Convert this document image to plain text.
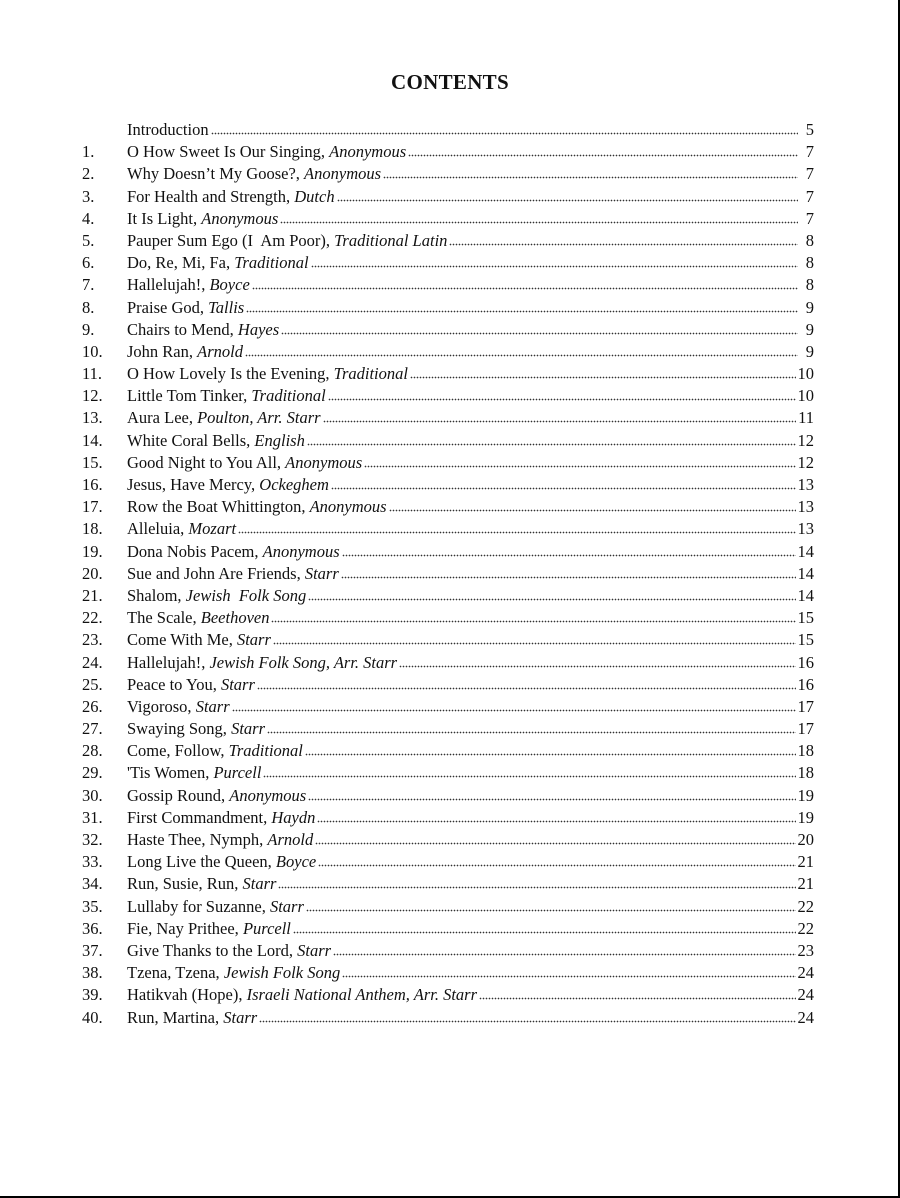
CONTENTS
Introduction	5
1.	O How Sweet Is Our Singing, Anonymous	7
2.	Why Doesn’t My Goose?, Anonymous	7
3.	For Health and Strength, Dutch	7
4.	It Is Light, Anonymous	7
5.	Pauper Sum Ego (I  Am Poor), Traditional Latin	8
6.	Do, Re, Mi, Fa, Traditional	8
7.	Hallelujah!, Boyce	8
8.	Praise God, Tallis	9
9.	Chairs to Mend, Hayes	9
10.	John Ran, Arnold	9
11.	O How Lovely Is the Evening, Traditional	10
12.	Little Tom Tinker, Traditional	10
13.	Aura Lee, Poulton, Arr. Starr	11
14.	White Coral Bells, English	12
15.	Good Night to You All, Anonymous	12
16.	Jesus, Have Mercy, Ockeghem	13
17.	Row the Boat Whittington, Anonymous	13
18.	Alleluia, Mozart	13
19.	Dona Nobis Pacem, Anonymous	14
20.	Sue and John Are Friends, Starr	14
21.	Shalom, Jewish  Folk Song	14
22.	The Scale, Beethoven	15
23.	Come With Me, Starr	15
24.	Hallelujah!, Jewish Folk Song, Arr. Starr	16
25.	Peace to You, Starr	16
26.	Vigoroso, Starr	17
27.	Swaying Song, Starr	17
28.	Come, Follow, Traditional	18
29.	'Tis Women, Purcell	18
30.	Gossip Round, Anonymous	19
31.	First Commandment, Haydn	19
32.	Haste Thee, Nymph, Arnold	20
33.	Long Live the Queen, Boyce	21
34.	Run, Susie, Run, Starr	21
35.	Lullaby for Suzanne, Starr	22
36.	Fie, Nay Prithee, Purcell	22
37.	Give Thanks to the Lord, Starr	23
38.	Tzena, Tzena, Jewish Folk Song	24
39.	Hatikvah (Hope), Israeli National Anthem, Arr. Starr	24
40.	Run, Martina, Starr	24
